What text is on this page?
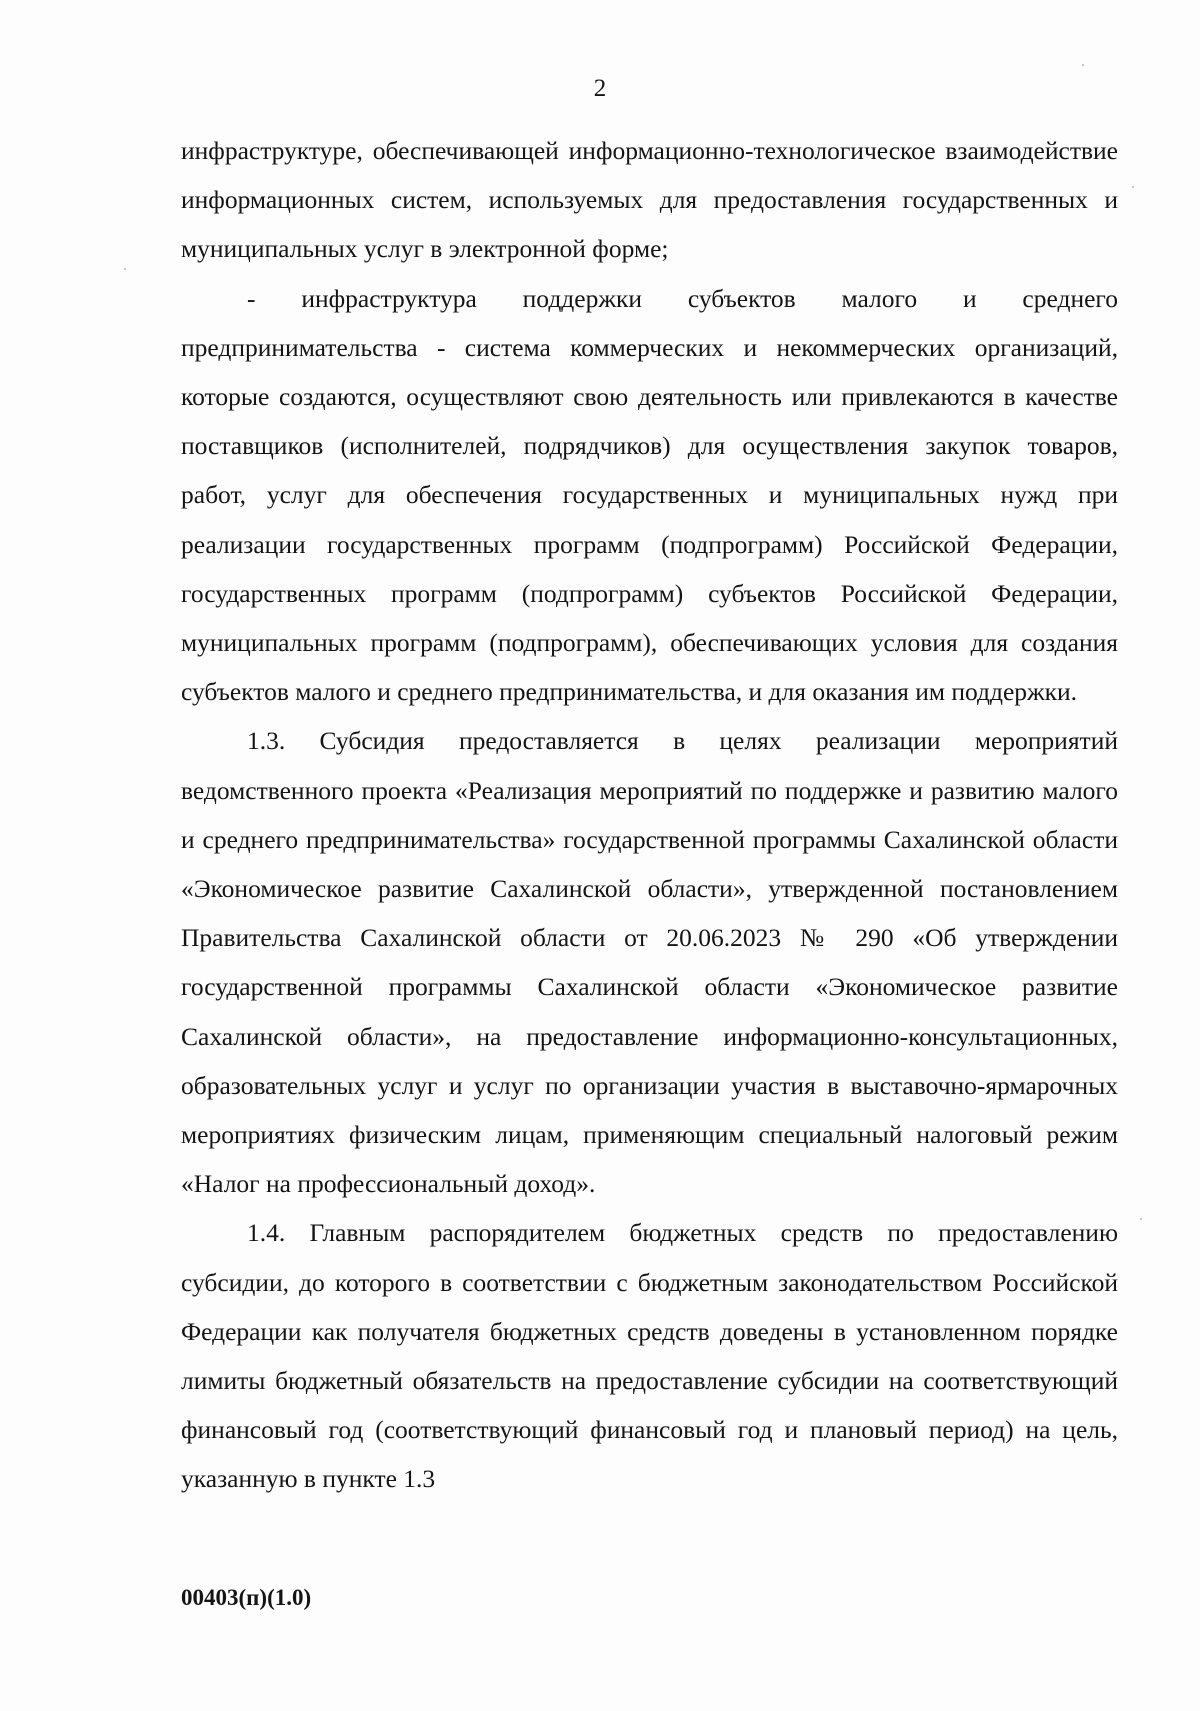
2

инфраструктуре, обеспечивающей информационно-технологическое взаимодействие информационных систем, используемых для предоставления государственных и муниципальных услуг в электронной форме;

- инфраструктура поддержки субъектов малого и среднего предпринимательства - система коммерческих и некоммерческих организаций, которые создаются, осуществляют свою деятельность или привлекаются в качестве поставщиков (исполнителей, подрядчиков) для осуществления закупок товаров, работ, услуг для обеспечения государственных и муниципальных нужд при реализации государственных программ (подпрограмм) Российской Федерации, государственных программ (подпрограмм) субъектов Российской Федерации, муниципальных программ (подпрограмм), обеспечивающих условия для создания субъектов малого и среднего предпринимательства, и для оказания им поддержки.

1.3. Субсидия предоставляется в целях реализации мероприятий ведомственного проекта «Реализация мероприятий по поддержке и развитию малого и среднего предпринимательства» государственной программы Сахалинской области «Экономическое развитие Сахалинской области», утвержденной постановлением Правительства Сахалинской области от 20.06.2023 № 290 «Об утверждении государственной программы Сахалинской области «Экономическое развитие Сахалинской области», на предоставление информационно-консультационных, образовательных услуг и услуг по организации участия в выставочно-ярмарочных мероприятиях физическим лицам, применяющим специальный налоговый режим «Налог на профессиональный доход».

1.4. Главным распорядителем бюджетных средств по предоставлению субсидии, до которого в соответствии с бюджетным законодательством Российской Федерации как получателя бюджетных средств доведены в установленном порядке лимиты бюджетный обязательств на предоставление субсидии на соответствующий финансовый год (соответствующий финансовый год и плановый период) на цель, указанную в пункте 1.3

00403(п)(1.0)
